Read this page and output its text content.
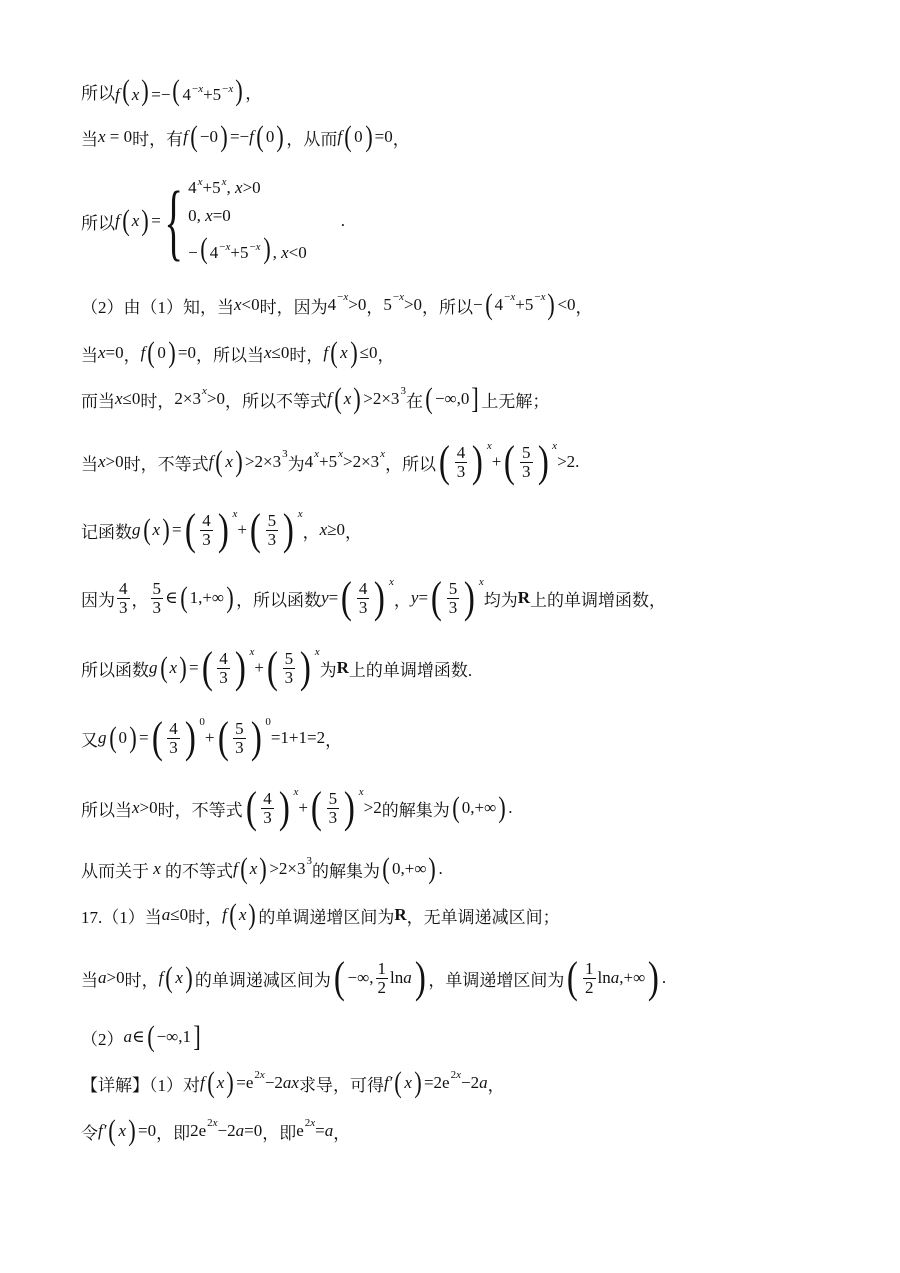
所以 f( x) =−( $4^{-x}+5^{-x}$) ，
当 x = 0 时，有 f ( −0 ) =− f ( 0 ) ，从而 f ( 0 ) =0 ，
所以 f ( x ) = { $4^x+5^x$, x>0
0, x=0
−( $4^{-x}+5^{-x}$) , x<0
.
（2）由（1）知，当 x <0 时，因为 $4^{-x} >0$ ， $5^{-x} >0$ ，所以 − ( $4^{-x} +5^{-x}$ ) <0 ，
当 x =0 ， f ( 0 ) =0 ，所以当 x ≤0 时， f ( x ) ≤0 ，
而当 x ≤0 时， 2×3 $^x$ >0 ，所以不等式 f ( x ) $>2\times 3^3$
在 ( −∞,0 ] 上无解；
当 x >0 时，不等式 f ( x ) $>2\times 3^3$
为 4 $^x$ +5 $^x$ >2×3 $^x$
，所以 ( $\frac{4}{3}$ ) $^x$
+ ( $\frac{5}{3}$ ) $^x$
>2 .
记函数 g ( x ) = ( $\frac{4}{3}$ ) $^x$
+ ( $\frac{5}{3}$ ) $^x$
， x ≥0 ，
因为 $\frac{4}{3}$ ， $\frac{5}{3}$ ∈ ( 1,+∞ ) ，所以函数 y = ( $\frac{4}{3}$ ) $^x$
， y = ( $\frac{5}{3}$ ) $^x$
均为 R 上的单调增函数，
所以函数 g ( x ) = ( $\frac{4}{3}$ ) $^x$
+ ( $\frac{5}{3}$ ) $^x$
为 R 上的单调增函数.
又 g ( 0 ) = ( $\frac{4}{3}$ ) $^0$
+ ( $\frac{5}{3}$ ) $^0$
=1+1=2 ，
所以当 x >0 时，不等式 ( $\frac{4}{3}$ ) $^x$
+ ( $\frac{5}{3}$ ) $^x$
>2 的解集为 ( 0,+∞ ) .
从而关于 x 的不等式 f ( x ) $>2\times 3^3$
的解集为 ( 0,+∞ ) .
17.（1）当 a ≤0 时， f ( x ) 的单调递增区间为 R ，无单调递减区间；
当 a >0 时， f ( x ) 的单调递减区间为 ( −∞, $\frac{1}{2}$ ln a ) ，单调递增区间为 ( $\frac{1}{2}$ ln a ,+∞ ) .
（2） a ∈ ( −∞,1 ]
【详解】（1）对 f ( x ) $=e^{2x} -2$ ax 求导，可得 f′ ( x ) $=2e^{2x} -2$ a ，
令 f′ ( x ) =0 ，即 $2e^{2x} -2$ a =0 ，即 $e^{2x} = a$ ，
